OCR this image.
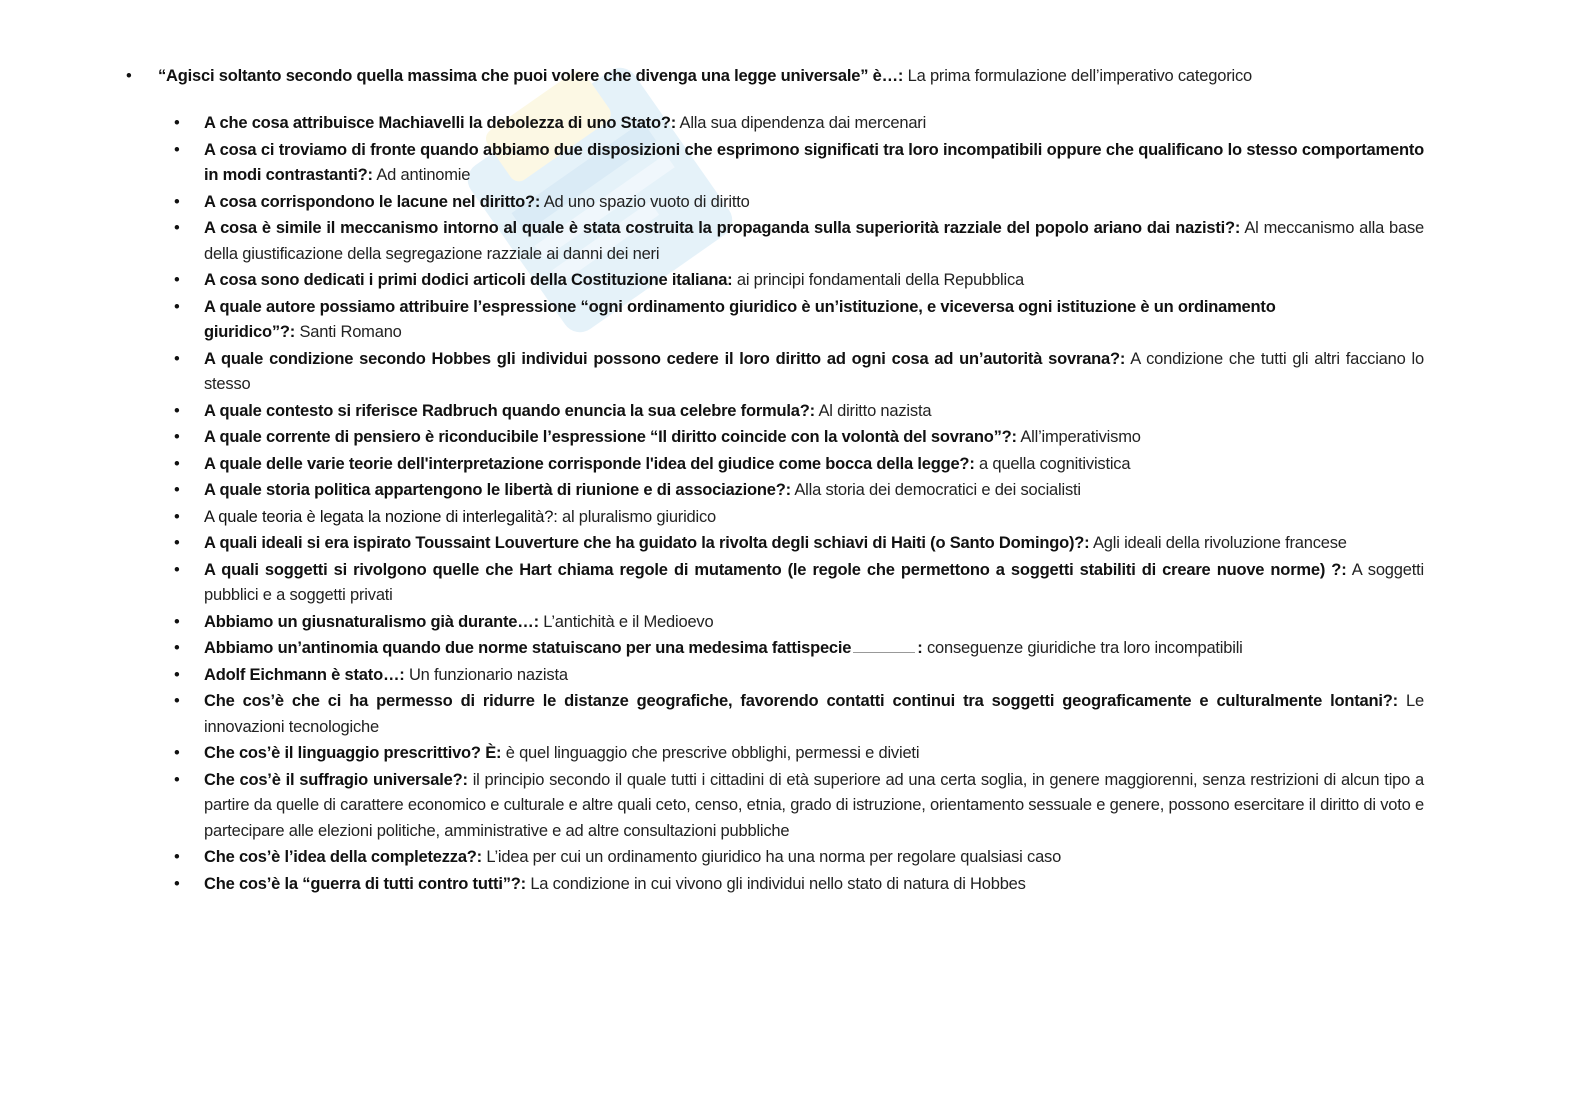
• “Agisci soltanto secondo quella massima che puoi volere che divenga una legge universale” è…: La prima formulazione dell’imperativo categorico
• A che cosa attribuisce Machiavelli la debolezza di uno Stato?: Alla sua dipendenza dai mercenari
• A cosa ci troviamo di fronte quando abbiamo due disposizioni che esprimono significati tra loro incompatibili oppure che qualificano lo stesso comportamento in modi contrastanti?: Ad antinomie
• A cosa corrispondono le lacune nel diritto?: Ad uno spazio vuoto di diritto
• A cosa è simile il meccanismo intorno al quale è stata costruita la propaganda sulla superiorità razziale del popolo ariano dai nazisti?: Al meccanismo alla base della giustificazione della segregazione razziale ai danni dei neri
• A cosa sono dedicati i primi dodici articoli della Costituzione italiana: ai principi fondamentali della Repubblica
• A quale autore possiamo attribuire l’espressione “ogni ordinamento giuridico è un’istituzione, e viceversa ogni istituzione è un ordinamento
giuridico”?: Santi Romano
• A quale condizione secondo Hobbes gli individui possono cedere il loro diritto ad ogni cosa ad un’autorità sovrana?: A condizione che tutti gli altri facciano lo stesso
• A quale contesto si riferisce Radbruch quando enuncia la sua celebre formula?: Al diritto nazista
• A quale corrente di pensiero è riconducibile l’espressione “Il diritto coincide con la volontà del sovrano”?: All’imperativismo
• A quale delle varie teorie dell'interpretazione corrisponde l'idea del giudice come bocca della legge?: a quella cognitivistica
• A quale storia politica appartengono le libertà di riunione e di associazione?: Alla storia dei democratici e dei socialisti
• A quale teoria è legata la nozione di interlegalità?: al pluralismo giuridico
• A quali ideali si era ispirato Toussaint Louverture che ha guidato la rivolta degli schiavi di Haiti (o Santo Domingo)?: Agli ideali della rivoluzione francese
• A quali soggetti si rivolgono quelle che Hart chiama regole di mutamento (le regole che permettono a soggetti stabiliti di creare nuove norme) ?: A soggetti pubblici e a soggetti privati
• Abbiamo un giusnaturalismo già durante…: L’antichità e il Medioevo
• Abbiamo un’antinomia quando due norme statuiscano per una medesima fattispecie	: conseguenze giuridiche tra loro incompatibili
• Adolf Eichmann è stato…: Un funzionario nazista
• Che cos’è che ci ha permesso di ridurre le distanze geografiche, favorendo contatti continui tra soggetti geograficamente e culturalmente lontani?: Le innovazioni tecnologiche
• Che cos’è il linguaggio prescrittivo? È: è quel linguaggio che prescrive obblighi, permessi e divieti
• Che cos’è il suffragio universale?: il principio secondo il quale tutti i cittadini di età superiore ad una certa soglia, in genere maggiorenni, senza restrizioni di alcun tipo a partire da quelle di carattere economico e culturale e altre quali ceto, censo, etnia, grado di istruzione, orientamento sessuale e genere, possono esercitare il diritto di voto e partecipare alle elezioni politiche, amministrative e ad altre consultazioni pubbliche
• Che cos’è l’idea della completezza?: L’idea per cui un ordinamento giuridico ha una norma per regolare qualsiasi caso
• Che cos’è la “guerra di tutti contro tutti”?: La condizione in cui vivono gli individui nello stato di natura di Hobbes
